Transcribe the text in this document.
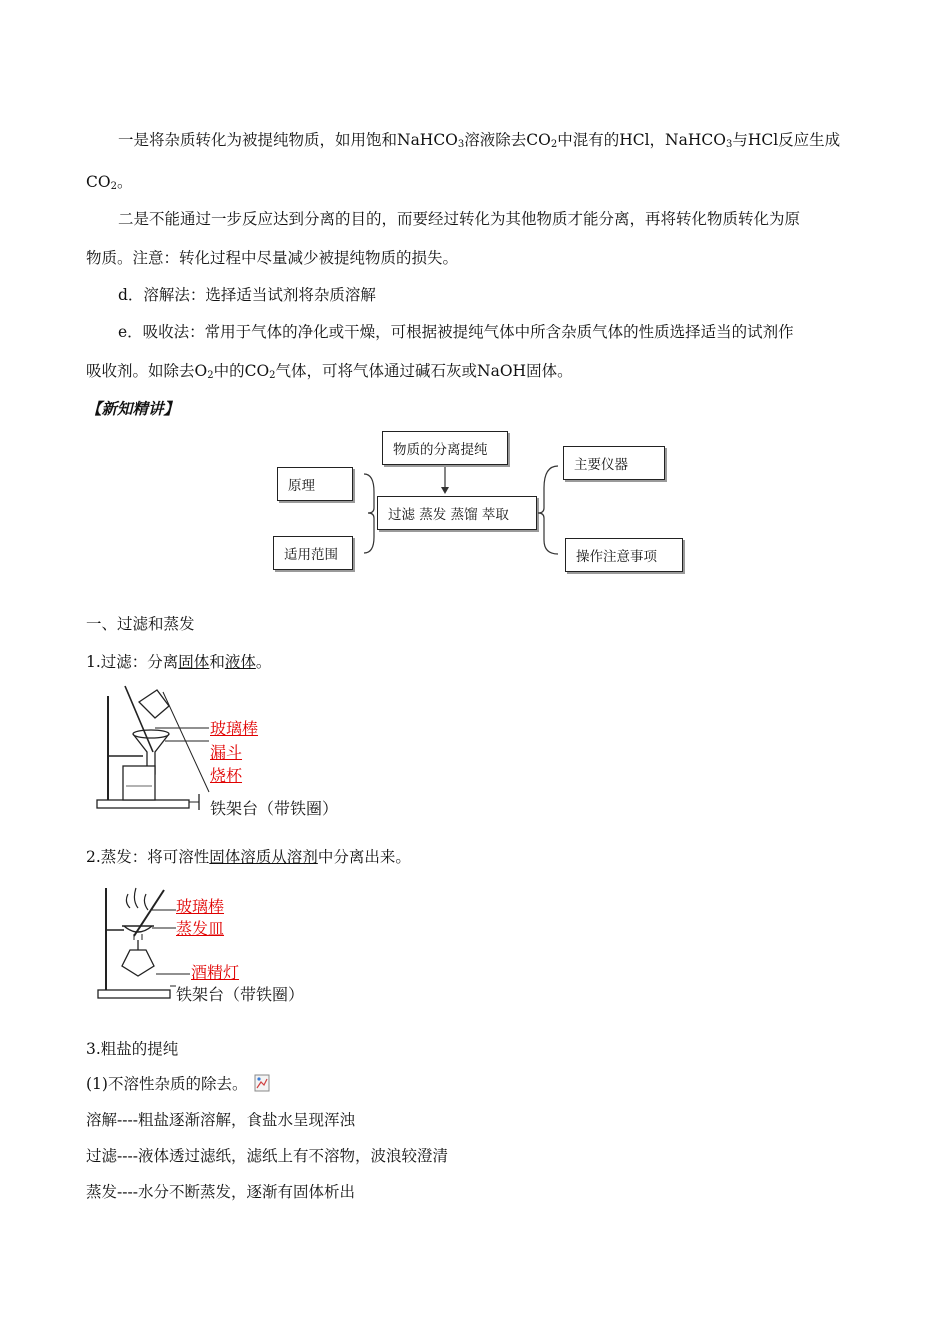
一是将杂质转化为被提纯物质，如用饱和NaHCO$_3$溶液除去$CO_2$中混有的HCl，NaHCO$_3$与HCl反应生成
$CO_2$。
二是不能通过一步反应达到分离的目的，而要经过转化为其他物质才能分离，再将转化物质转化为原
物质。注意：转化过程中尽量减少被提纯物质的损失。
d．溶解法：选择适当试剂将杂质溶解
e．吸收法：常用于气体的净化或干燥，可根据被提纯气体中所含杂质气体的性质选择适当的试剂作
吸收剂。如除去$O_2$中的$CO_2$气体，可将气体通过碱石灰或NaOH固体。
【新知精讲】
物质的分离提纯
原理
适用范围
过滤 蒸发 蒸馏 萃取
主要仪器
操作注意事项
一、过滤和蒸发
1.过滤：分离固体和液体。
玻璃棒
漏斗
烧杯
铁架台（带铁圈）
2.蒸发：将可溶性固体溶质从溶剂中分离出来。
玻璃棒
蒸发皿
酒精灯
铁架台（带铁圈）
3.粗盐的提纯
(1)不溶性杂质的除去。
溶解----粗盐逐渐溶解，食盐水呈现浑浊
过滤----液体透过滤纸，滤纸上有不溶物，波浪较澄清
蒸发----水分不断蒸发，逐渐有固体析出
